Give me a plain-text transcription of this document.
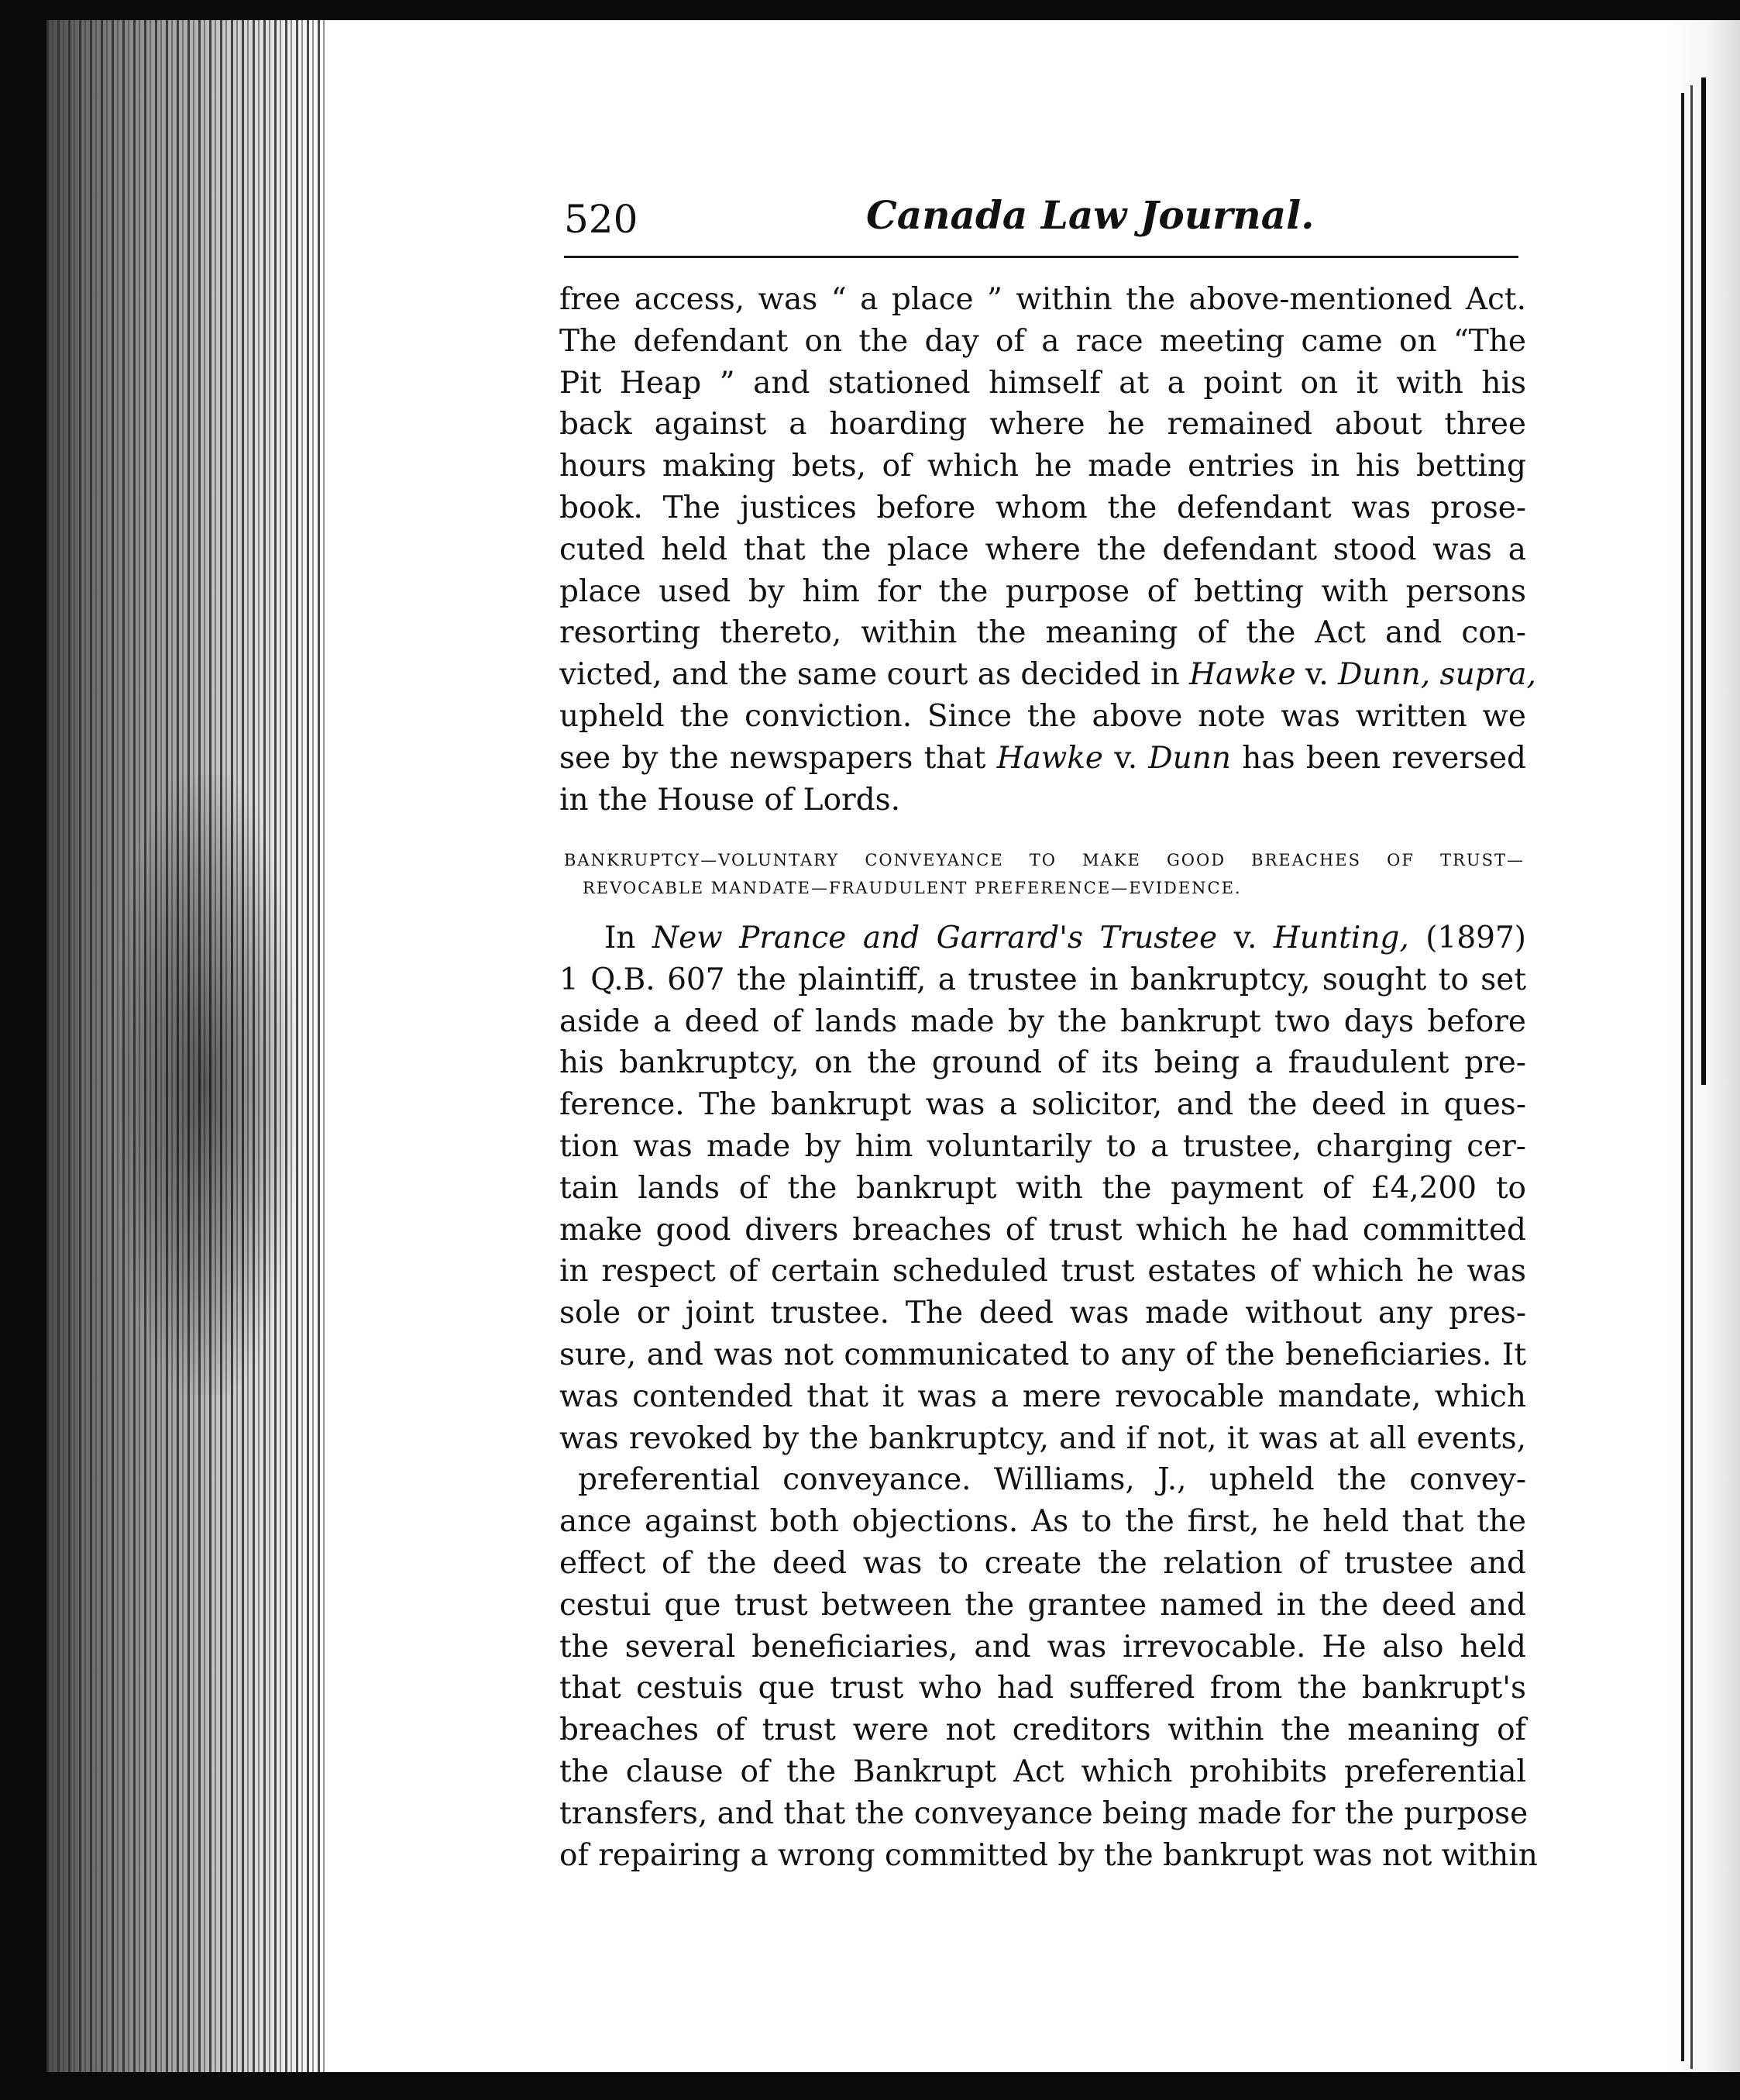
520	Canada Law Journal.
free access, was “ a place ” within the above-mentioned Act.
The defendant on the day of a race meeting came on “The
Pit Heap ” and stationed himself at a point on it with his
back against a hoarding where he remained about three
hours making bets, of which he made entries in his betting
book. The justices before whom the defendant was prose-
cuted held that the place where the defendant stood was a
place used by him for the purpose of betting with persons
resorting thereto, within the meaning of the Act and con-
victed, and the same court as decided in Hawke v. Dunn, supra,
upheld the conviction. Since the above note was written we
see by the newspapers that Hawke v. Dunn has been reversed
in the House of Lords.
BANKRUPTCY—VOLUNTARY CONVEYANCE TO MAKE GOOD BREACHES OF TRUST—
REVOCABLE MANDATE—FRAUDULENT PREFERENCE—EVIDENCE.
In New Prance and Garrard's Trustee v. Hunting, (1897)
1 Q.B. 607 the plaintiff, a trustee in bankruptcy, sought to set
aside a deed of lands made by the bankrupt two days before
his bankruptcy, on the ground of its being a fraudulent pre-
ference. The bankrupt was a solicitor, and the deed in ques-
tion was made by him voluntarily to a trustee, charging cer-
tain lands of the bankrupt with the payment of £4,200 to
make good divers breaches of trust which he had committed
in respect of certain scheduled trust estates of which he was
sole or joint trustee. The deed was made without any pres-
sure, and was not communicated to any of the beneficiaries. It
was contended that it was a mere revocable mandate, which
was revoked by the bankruptcy, and if not, it was at all events,
preferential conveyance. Williams, J., upheld the convey-
ance against both objections. As to the first, he held that the
effect of the deed was to create the relation of trustee and
cestui que trust between the grantee named in the deed and
the several beneficiaries, and was irrevocable. He also held
that cestuis que trust who had suffered from the bankrupt's
breaches of trust were not creditors within the meaning of
the clause of the Bankrupt Act which prohibits preferential
transfers, and that the conveyance being made for the purpose
of repairing a wrong committed by the bankrupt was not within
